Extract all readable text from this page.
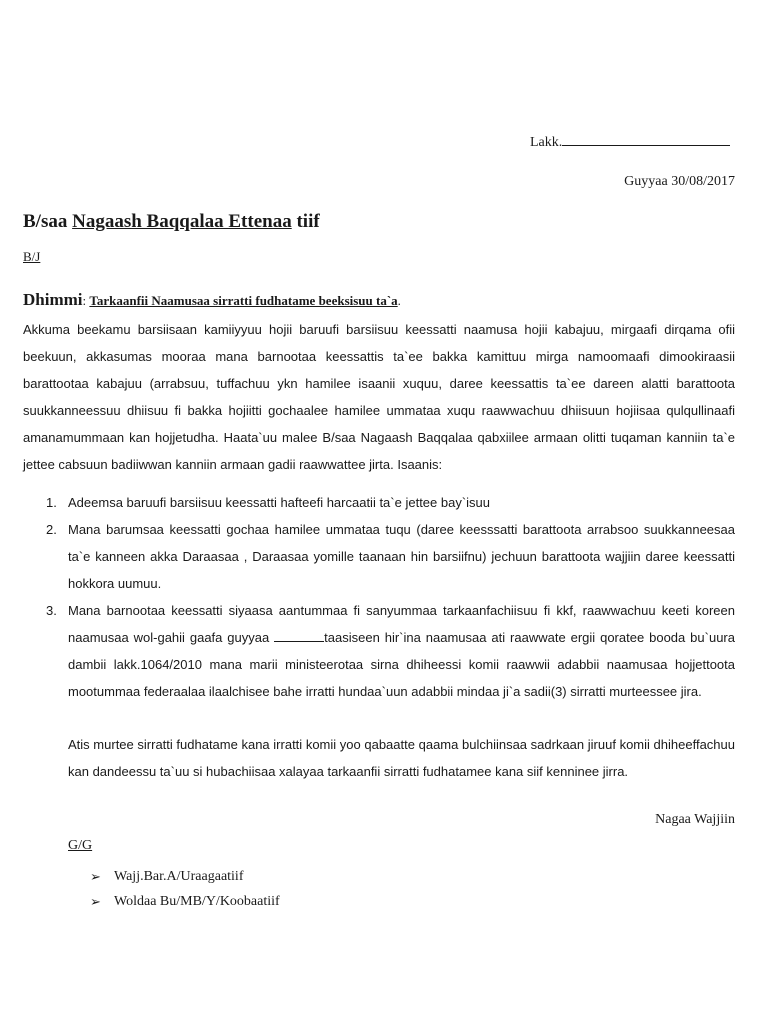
Lakk.
Guyyaa 30/08/2017
B/saa Nagaash Baqqalaa Ettenaa tiif
B/J
Dhimmi: Tarkaanfii Naamusaa sirratti fudhatame beeksisuu ta`a.
Akkuma beekamu barsiisaan kamiiyyuu hojii baruufi barsiisuu keessatti naamusa hojii kabajuu, mirgaafi dirqama ofii beekuun, akkasumas mooraa mana barnootaa keessattis ta`ee bakka kamittuu mirga namoomaafi dimookiraasii barattootaa kabajuu (arrabsuu, tuffachuu ykn hamilee isaanii xuquu, daree keessattis ta`ee dareen alatti barattoota suukkanneessuu dhiisuu fi bakka hojiitti gochaalee hamilee ummataa xuqu raawwachuu dhiisuun hojiisaa qulqullinaafi amanamummaan kan hojjetudha. Haata`uu malee B/saa Nagaash Baqqalaa qabxiilee armaan olitti tuqaman kanniin ta`e jettee cabsuun badiiwwan kanniin armaan gadii raawwattee jirta. Isaanis:
1. Adeemsa baruufi barsiisuu keessatti hafteefi harcaatii ta`e jettee bay`isuu
2. Mana barumsaa keessatti gochaa hamilee ummataa tuqu (daree keesssatti barattoota arrabsoo suukkanneesaa ta`e kanneen akka Daraasaa , Daraasaa yomille taanaan hin barsiifnu) jechuun barattoota wajjiin daree keessatti hokkora uumuu.
3. Mana barnootaa keessatti siyaasa aantummaa fi sanyummaa tarkaanfachiisuu fi kkf, raawwachuu keeti koreen naamusaa wol-gahii gaafa guyyaa	taasiseen hir`ina naamusaa ati raawwate ergii qoratee booda bu`uura dambii lakk.1064/2010 mana marii ministeerotaa sirna dhiheessi komii raawwii adabbii naamusaa hojjettoota mootummaa federaalaa ilaalchisee bahe irratti hundaa`uun adabbii mindaa ji`a sadii(3) sirratti murteessee jira.
Atis murtee sirratti fudhatame kana irratti komii yoo qabaatte qaama bulchiinsaa sadrkaan jiruuf komii dhiheeffachuu kan dandeessu ta`uu si hubachiisaa xalayaa tarkaanfii sirratti fudhatamee kana siif kenninee jirra.
Nagaa Wajjiin
G/G
➢ Wajj.Bar.A/Uraagaatiif
➢ Woldaa Bu/MB/Y/Koobaatiif
